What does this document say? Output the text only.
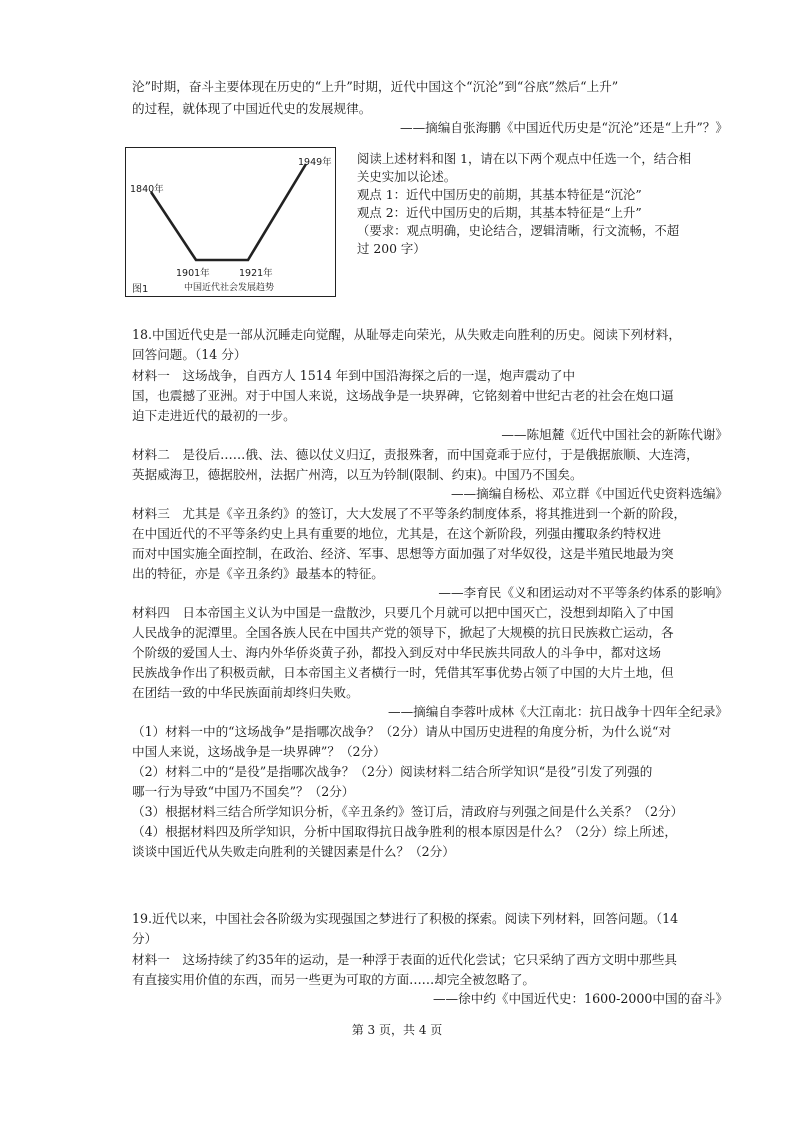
沦”时期，奋斗主要体现在历史的“上升”时期，近代中国这个“沉沦”到“谷底”然后“上升”
的过程，就体现了中国近代史的发展规律。
——摘编自张海鹏《中国近代历史是“沉沦”还是“上升”？》
1840年
1901年	1921年
1949年
图1	中国近代社会发展趋势
阅读上述材料和图 1，请在以下两个观点中任选一个，结合相
关史实加以论述。
观点 1：近代中国历史的前期，其基本特征是“沉沦”
观点 2：近代中国历史的后期，其基本特征是“上升”
（要求：观点明确，史论结合，逻辑清晰，行文流畅，不超
过 200 字）
18.中国近代史是一部从沉睡走向觉醒，从耻辱走向荣光，从失败走向胜利的历史。阅读下列材料，
回答问题。（14 分）
材料一　这场战争，自西方人 1514 年到中国沿海探之后的一逞，炮声震动了中
国，也震撼了亚洲。对于中国人来说，这场战争是一块界碑，它铭刻着中世纪古老的社会在炮口逼
迫下走进近代的最初的一步。
——陈旭麓《近代中国社会的新陈代谢》
材料二　是役后……俄、法、德以仗义归辽，责报殊奢，而中国竟乖于应付，于是俄据旅顺、大连湾，
英据威海卫，德据胶州，法据广州湾，以互为钤制(限制、约束)。中国乃不国矣。
——摘编自杨松、邓立群《中国近代史资料选编》
材料三　尤其是《辛丑条约》的签订，大大发展了不平等条约制度体系，将其推进到一个新的阶段，
在中国近代的不平等条约史上具有重要的地位，尤其是，在这个新阶段，列强由攫取条约特权进
而对中国实施全面控制，在政治、经济、军事、思想等方面加强了对华奴役，这是半殖民地最为突
出的特征，亦是《辛丑条约》最基本的特征。
——李育民《义和团运动对不平等条约体系的影响》
材料四　日本帝国主义认为中国是一盘散沙，只要几个月就可以把中国灭亡，没想到却陷入了中国
人民战争的泥潭里。全国各族人民在中国共产党的领导下，掀起了大规模的抗日民族救亡运动，各
个阶级的爱国人士、海内外华侨炎黄子孙，都投入到反对中华民族共同敌人的斗争中，都对这场
民族战争作出了积极贡献，日本帝国主义者横行一时，凭借其军事优势占领了中国的大片土地，但
在团结一致的中华民族面前却终归失败。
——摘编自李蓉叶成林《大江南北：抗日战争十四年全纪录》
（1）材料一中的“这场战争”是指哪次战争？（2分）请从中国历史进程的角度分析，为什么说“对
中国人来说，这场战争是一块界碑”？（2分）
（2）材料二中的“是役”是指哪次战争？（2分）阅读材料二结合所学知识“是役”引发了列强的
哪一行为导致“中国乃不国矣”？（2分）
（3）根据材料三结合所学知识分析，《辛丑条约》签订后，清政府与列强之间是什么关系？（2分）
（4）根据材料四及所学知识，分析中国取得抗日战争胜利的根本原因是什么？（2分）综上所述，
谈谈中国近代从失败走向胜利的关键因素是什么？（2分）
19.近代以来，中国社会各阶级为实现强国之梦进行了积极的探索。阅读下列材料，回答问题。（14
分）
材料一　这场持续了约35年的运动，是一种浮于表面的近代化尝试；它只采纳了西方文明中那些具
有直接实用价值的东西，而另一些更为可取的方面……却完全被忽略了。
——徐中约《中国近代史：1600-2000中国的奋斗》
第 3 页，共 4 页
